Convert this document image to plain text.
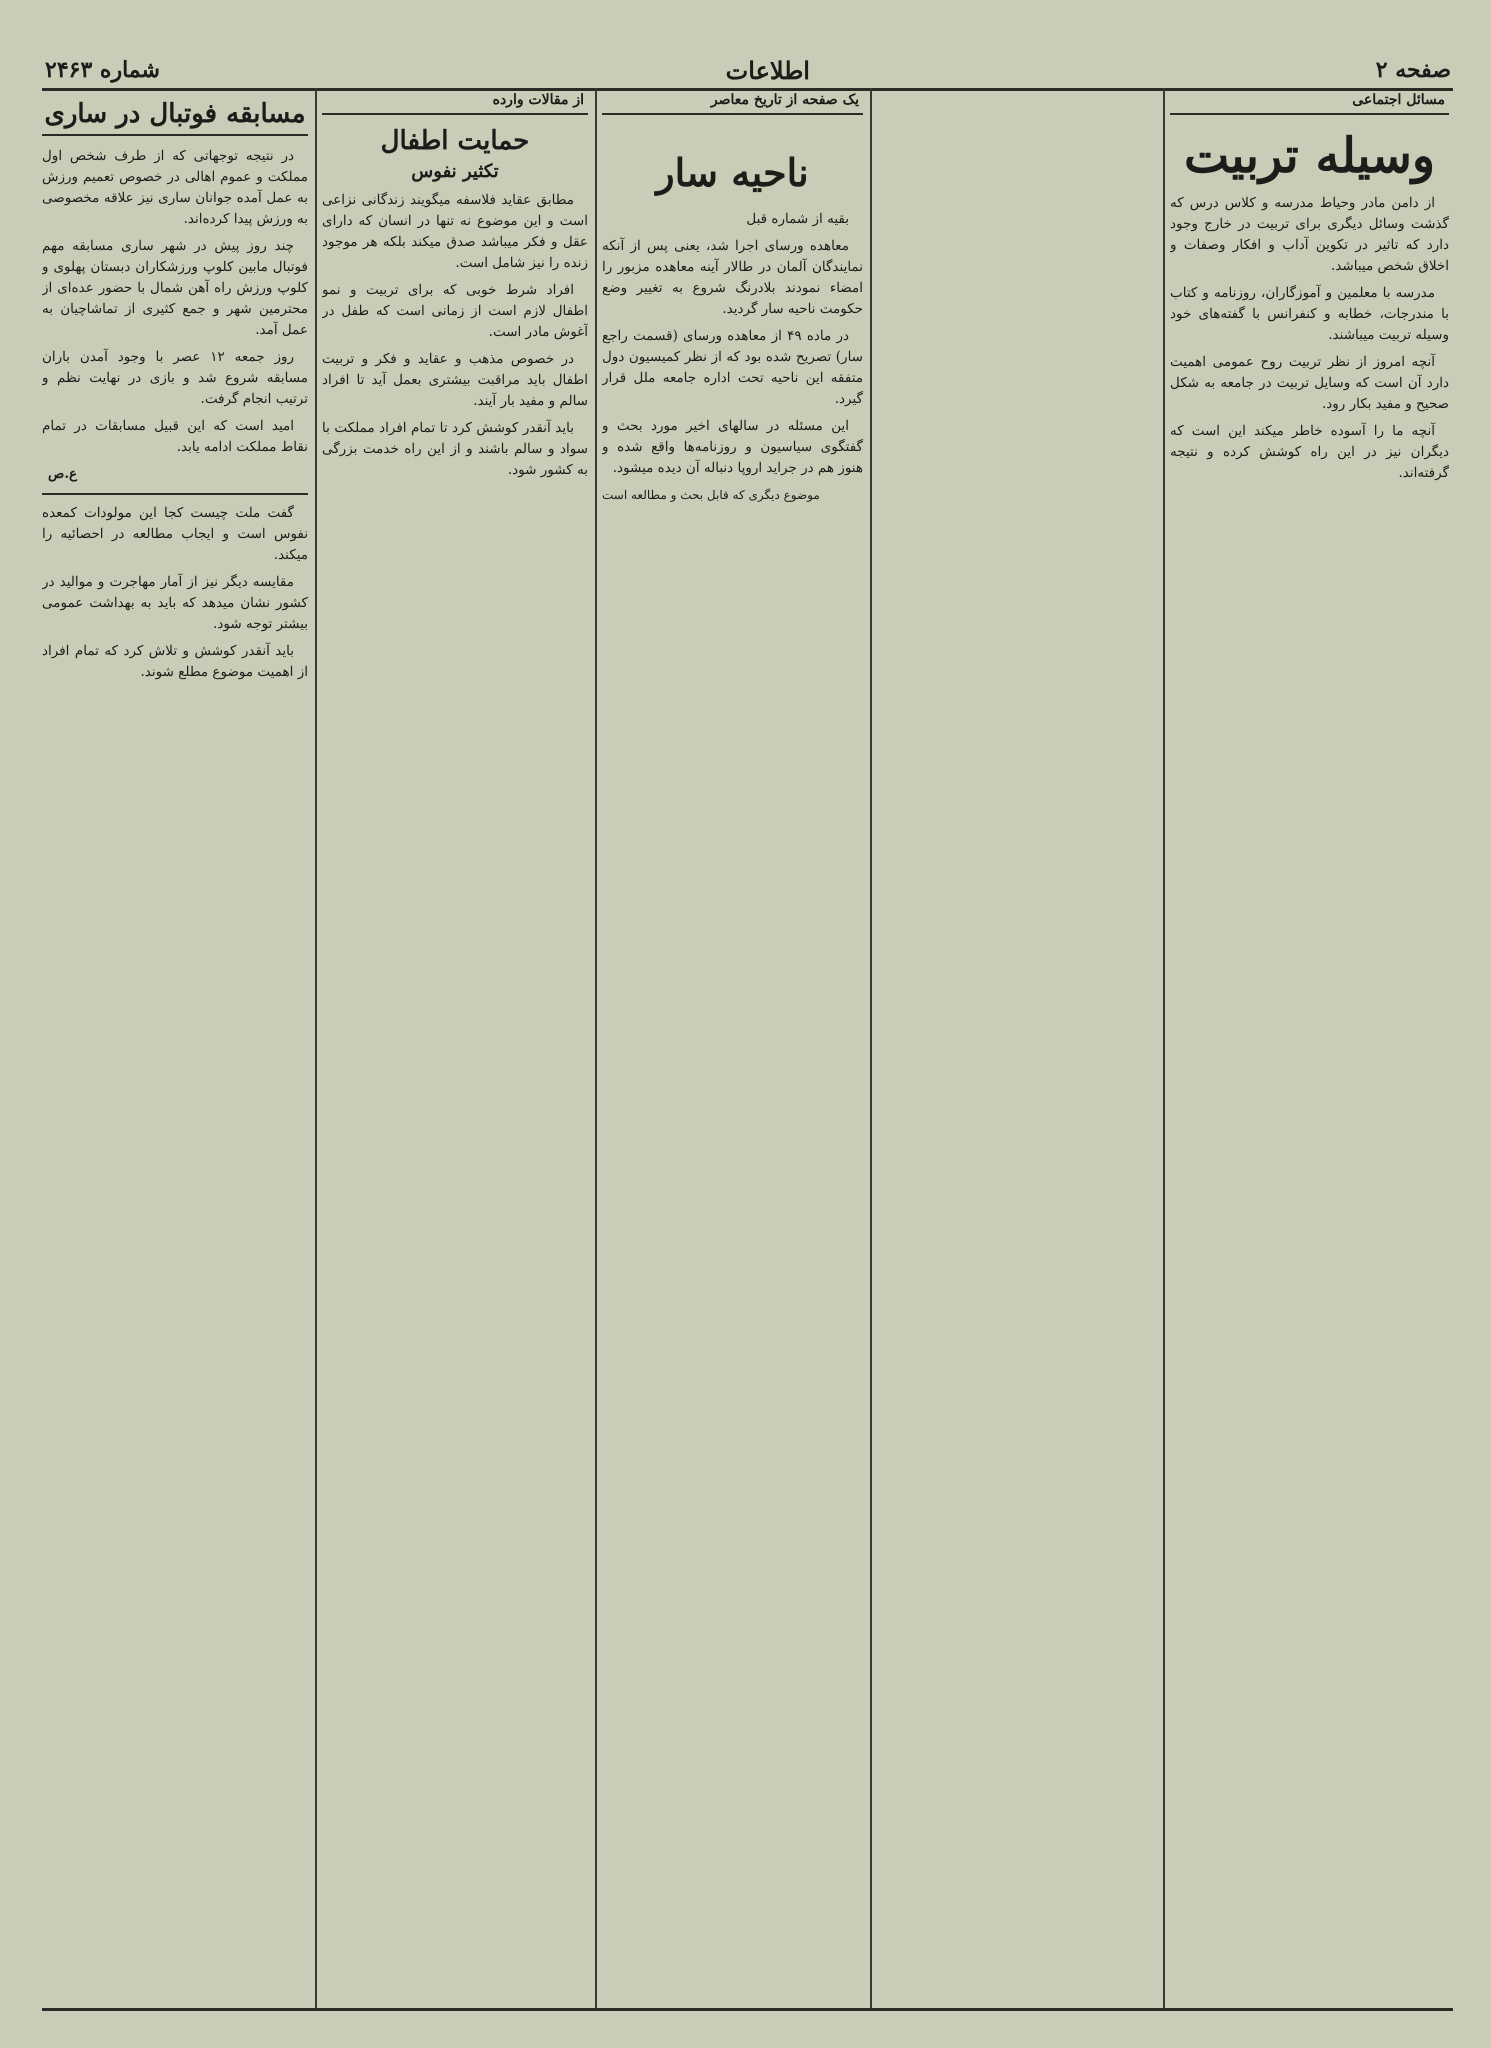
صفحه ۲
اطلاعات
شماره ۲۴۶۳
مسائل اجتماعی
وسیله تربیت

از دامن مادر وحیاط مدرسه و کلاس درس که گذشت وسائل دیگری برای تربیت در خارج وجود دارد که تاثیر در تکوین آداب و افکار وصفات و اخلاق شخص میباشد.

مدرسه با معلمین و آموزگاران، روزنامه و کتاب با مندرجات، خطابه و کنفرانس با گفته‌های خود وسیله تربیت میباشند.

آنچه امروز از نظر تربیت روح عمومی اهمیت دارد آن است که وسایل تربیت در جامعه به شکل صحیح و مفید بکار رود.

آنچه ما را آسوده خاطر میکند این است که دیگران نیز در این راه کوشش کرده و نتیجه گرفته‌اند.

یک صفحه از تاریخ معاصر
ناحیه سار

بقیه از شماره قبل

معاهده ورسای اجرا شد، یعنی پس از آنکه نمایندگان آلمان در طالار آینه معاهده مزبور را امضاء نمودند بلادرنگ شروع به تغییر وضع حکومت ناحیه سار گردید.

در ماده ۴۹ از معاهده ورسای (قسمت راجع سار) تصریح شده بود که از نظر کمیسیون دول متفقه این ناحیه تحت اداره جامعه ملل قرار گیرد.

این مسئله در سالهای اخیر مورد بحث و گفتگوی سیاسیون و روزنامه‌ها واقع شده و هنوز هم در جراید اروپا دنباله آن دیده میشود.

موضوع دیگری که قابل بحث و مطالعه است
از مقالات وارده
حمایت اطفال
تکثیر نفوس

مطابق عقاید فلاسفه میگویند زندگانی نزاعی است و این موضوع نه تنها در انسان که دارای عقل و فکر میباشد صدق میکند بلکه هر موجود زنده را نیز شامل است.

افراد شرط خوبی که برای تربیت و نمو اطفال لازم است از زمانی است که طفل در آغوش مادر است.

در خصوص مذهب و عقاید و فکر و تربیت اطفال باید مراقبت بیشتری بعمل آید تا افراد سالم و مفید بار آیند.

باید آنقدر کوشش کرد تا تمام افراد مملکت با سواد و سالم باشند و از این راه خدمت بزرگی به کشور شود.

مسابقه فوتبال در ساری

در نتیجه توجهاتی که از طرف شخص اول مملکت و عموم اهالی در خصوص تعمیم ورزش به عمل آمده جوانان ساری نیز علاقه مخصوصی به ورزش پیدا کرده‌اند.

چند روز پیش در شهر ساری مسابقه مهم فوتبال مابین کلوپ ورزشکاران دبستان پهلوی و کلوپ ورزش راه آهن شمال با حضور عده‌ای از محترمین شهر و جمع کثیری از تماشاچیان به عمل آمد.

روز جمعه ۱۲ عصر با وجود آمدن باران مسابقه شروع شد و بازی در نهایت نظم و ترتیب انجام گرفت.

امید است که این قبیل مسابقات در تمام نقاط مملکت ادامه یابد.

ع.ص

گفت ملت چیست کجا این مولودات کمعده نفوس است و ایجاب مطالعه در احصائیه را میکند.

مقایسه دیگر نیز از آمار مهاجرت و موالید در کشور نشان میدهد که باید به بهداشت عمومی بیشتر توجه شود.

باید آنقدر کوشش و تلاش کرد که تمام افراد از اهمیت موضوع مطلع شوند.
